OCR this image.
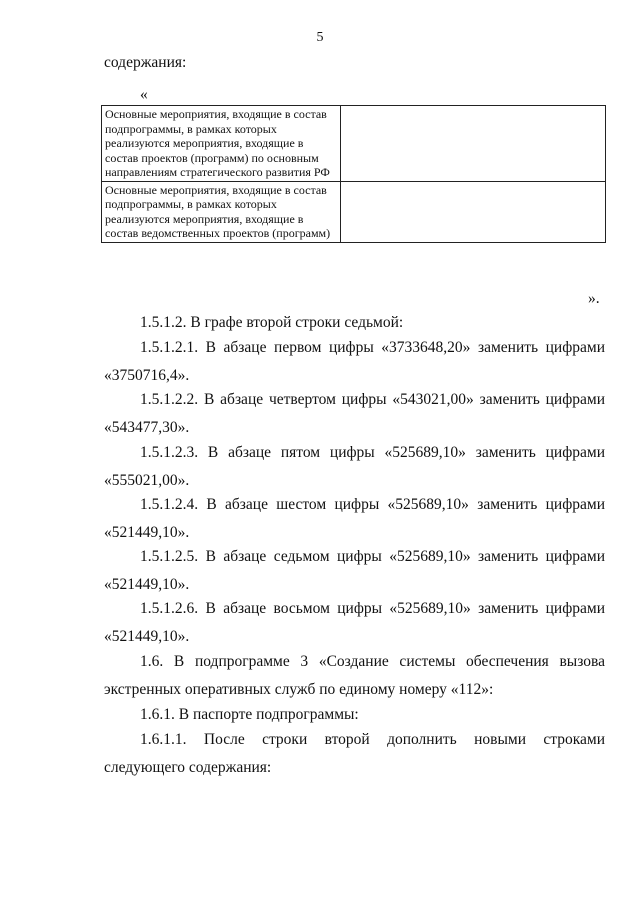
5
содержания:
«
Основные мероприятия, входящие в состав подпрограммы, в рамках которых реализуются мероприятия, входящие в состав проектов (программ) по основным направлениям стратегического развития РФ	
Основные мероприятия, входящие в состав подпрограммы, в рамках которых реализуются мероприятия, входящие в состав ведомственных проектов (программ)	
».
1.5.1.2. В графе второй строки седьмой:
1.5.1.2.1. В абзаце первом цифры «3733648,20» заменить цифрами «3750716,4».
1.5.1.2.2. В абзаце четвертом цифры «543021,00» заменить цифрами «543477,30».
1.5.1.2.3. В абзаце пятом цифры «525689,10» заменить цифрами «555021,00».
1.5.1.2.4. В абзаце шестом цифры «525689,10» заменить цифрами «521449,10».
1.5.1.2.5. В абзаце седьмом цифры «525689,10» заменить цифрами «521449,10».
1.5.1.2.6. В абзаце восьмом цифры «525689,10» заменить цифрами «521449,10».
1.6. В подпрограмме 3 «Создание системы обеспечения вызова экстренных оперативных служб по единому номеру «112»:
1.6.1. В паспорте подпрограммы:
1.6.1.1. После строки второй дополнить новыми строками следующего содержания:
